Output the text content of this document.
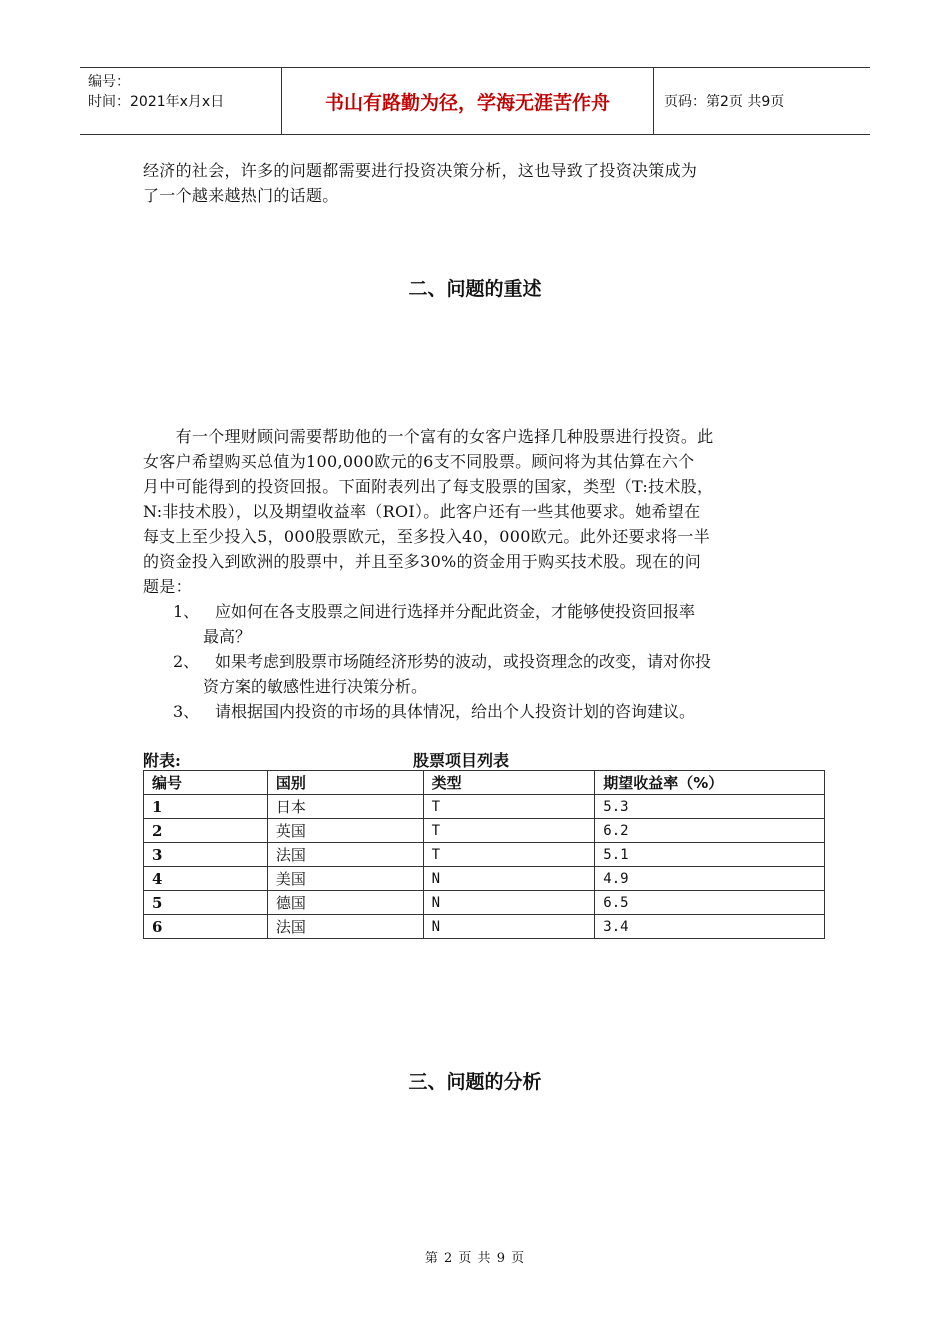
编号：
时间：2021年x月x日	书山有路勤为径，学海无涯苦作舟	页码：第2页 共9页

经济的社会，许多的问题都需要进行投资决策分析，这也导致了投资决策成为

了一个越来越热门的话题。

二、问题的重述

　　有一个理财顾问需要帮助他的一个富有的女客户选择几种股票进行投资。此

女客户希望购买总值为100,000欧元的6支不同股票。顾问将为其估算在六个

月中可能得到的投资回报。下面附表列出了每支股票的国家，类型（T:技术股，

N:非技术股），以及期望收益率（ROI）。此客户还有一些其他要求。她希望在

每支上至少投入5，000股票欧元，至多投入40，000欧元。此外还要求将一半

的资金投入到欧洲的股票中，并且至多30%的资金用于购买技术股。现在的问

题是：

1、 应如何在各支股票之间进行选择并分配此资金，才能够使投资回报率
最高？
2、 如果考虑到股票市场随经济形势的波动，或投资理念的改变，请对你投
资方案的敏感性进行决策分析。
3、 请根据国内投资的市场的具体情况，给出个人投资计划的咨询建议。
附表:	股票项目列表
编号	国别	类型	期望收益率（%）
1	日本	T	5.3
2	英国	T	6.2
3	法国	T	5.1
4	美国	N	4.9
5	德国	N	6.5
6	法国	N	3.4
三、问题的分析
第 2 页 共 9 页
